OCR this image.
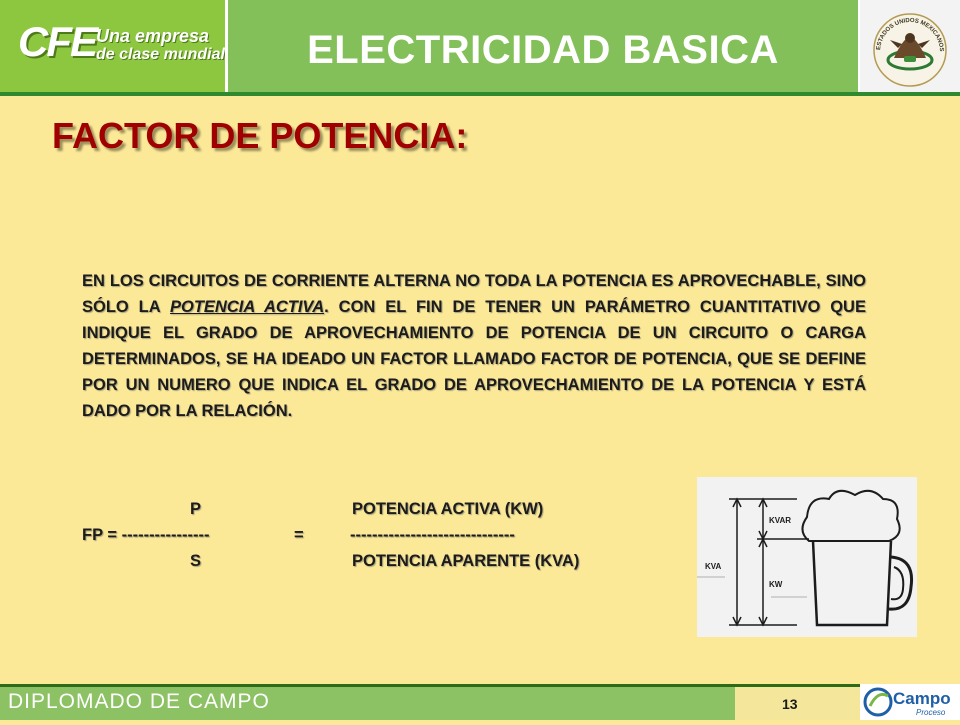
CFE Una empresa
de clase mundial	ELECTRICIDAD BASICA	ESTADOS UNIDOS MEXICANOS
FACTOR DE POTENCIA:
EN LOS CIRCUITOS DE CORRIENTE ALTERNA NO TODA LA POTENCIA ES APROVECHABLE, SINO SÓLO LA POTENCIA ACTIVA. CON EL FIN DE TENER UN PARÁMETRO CUANTITATIVO QUE INDIQUE EL GRADO DE APROVECHAMIENTO DE POTENCIA DE UN CIRCUITO O CARGA DETERMINADOS, SE HA IDEADO UN FACTOR LLAMADO FACTOR DE POTENCIA, QUE SE DEFINE POR UN NUMERO QUE INDICA EL GRADO DE APROVECHAMIENTO DE LA POTENCIA Y ESTÁ DADO POR LA RELACIÓN.
P	POTENCIA ACTIVA (KW)
FP = ----------------	=	------------------------------
S	POTENCIA APARENTE (KVA)
KVAR
KVA
KW
DIPLOMADO DE CAMPO	13	Campo
Proceso
